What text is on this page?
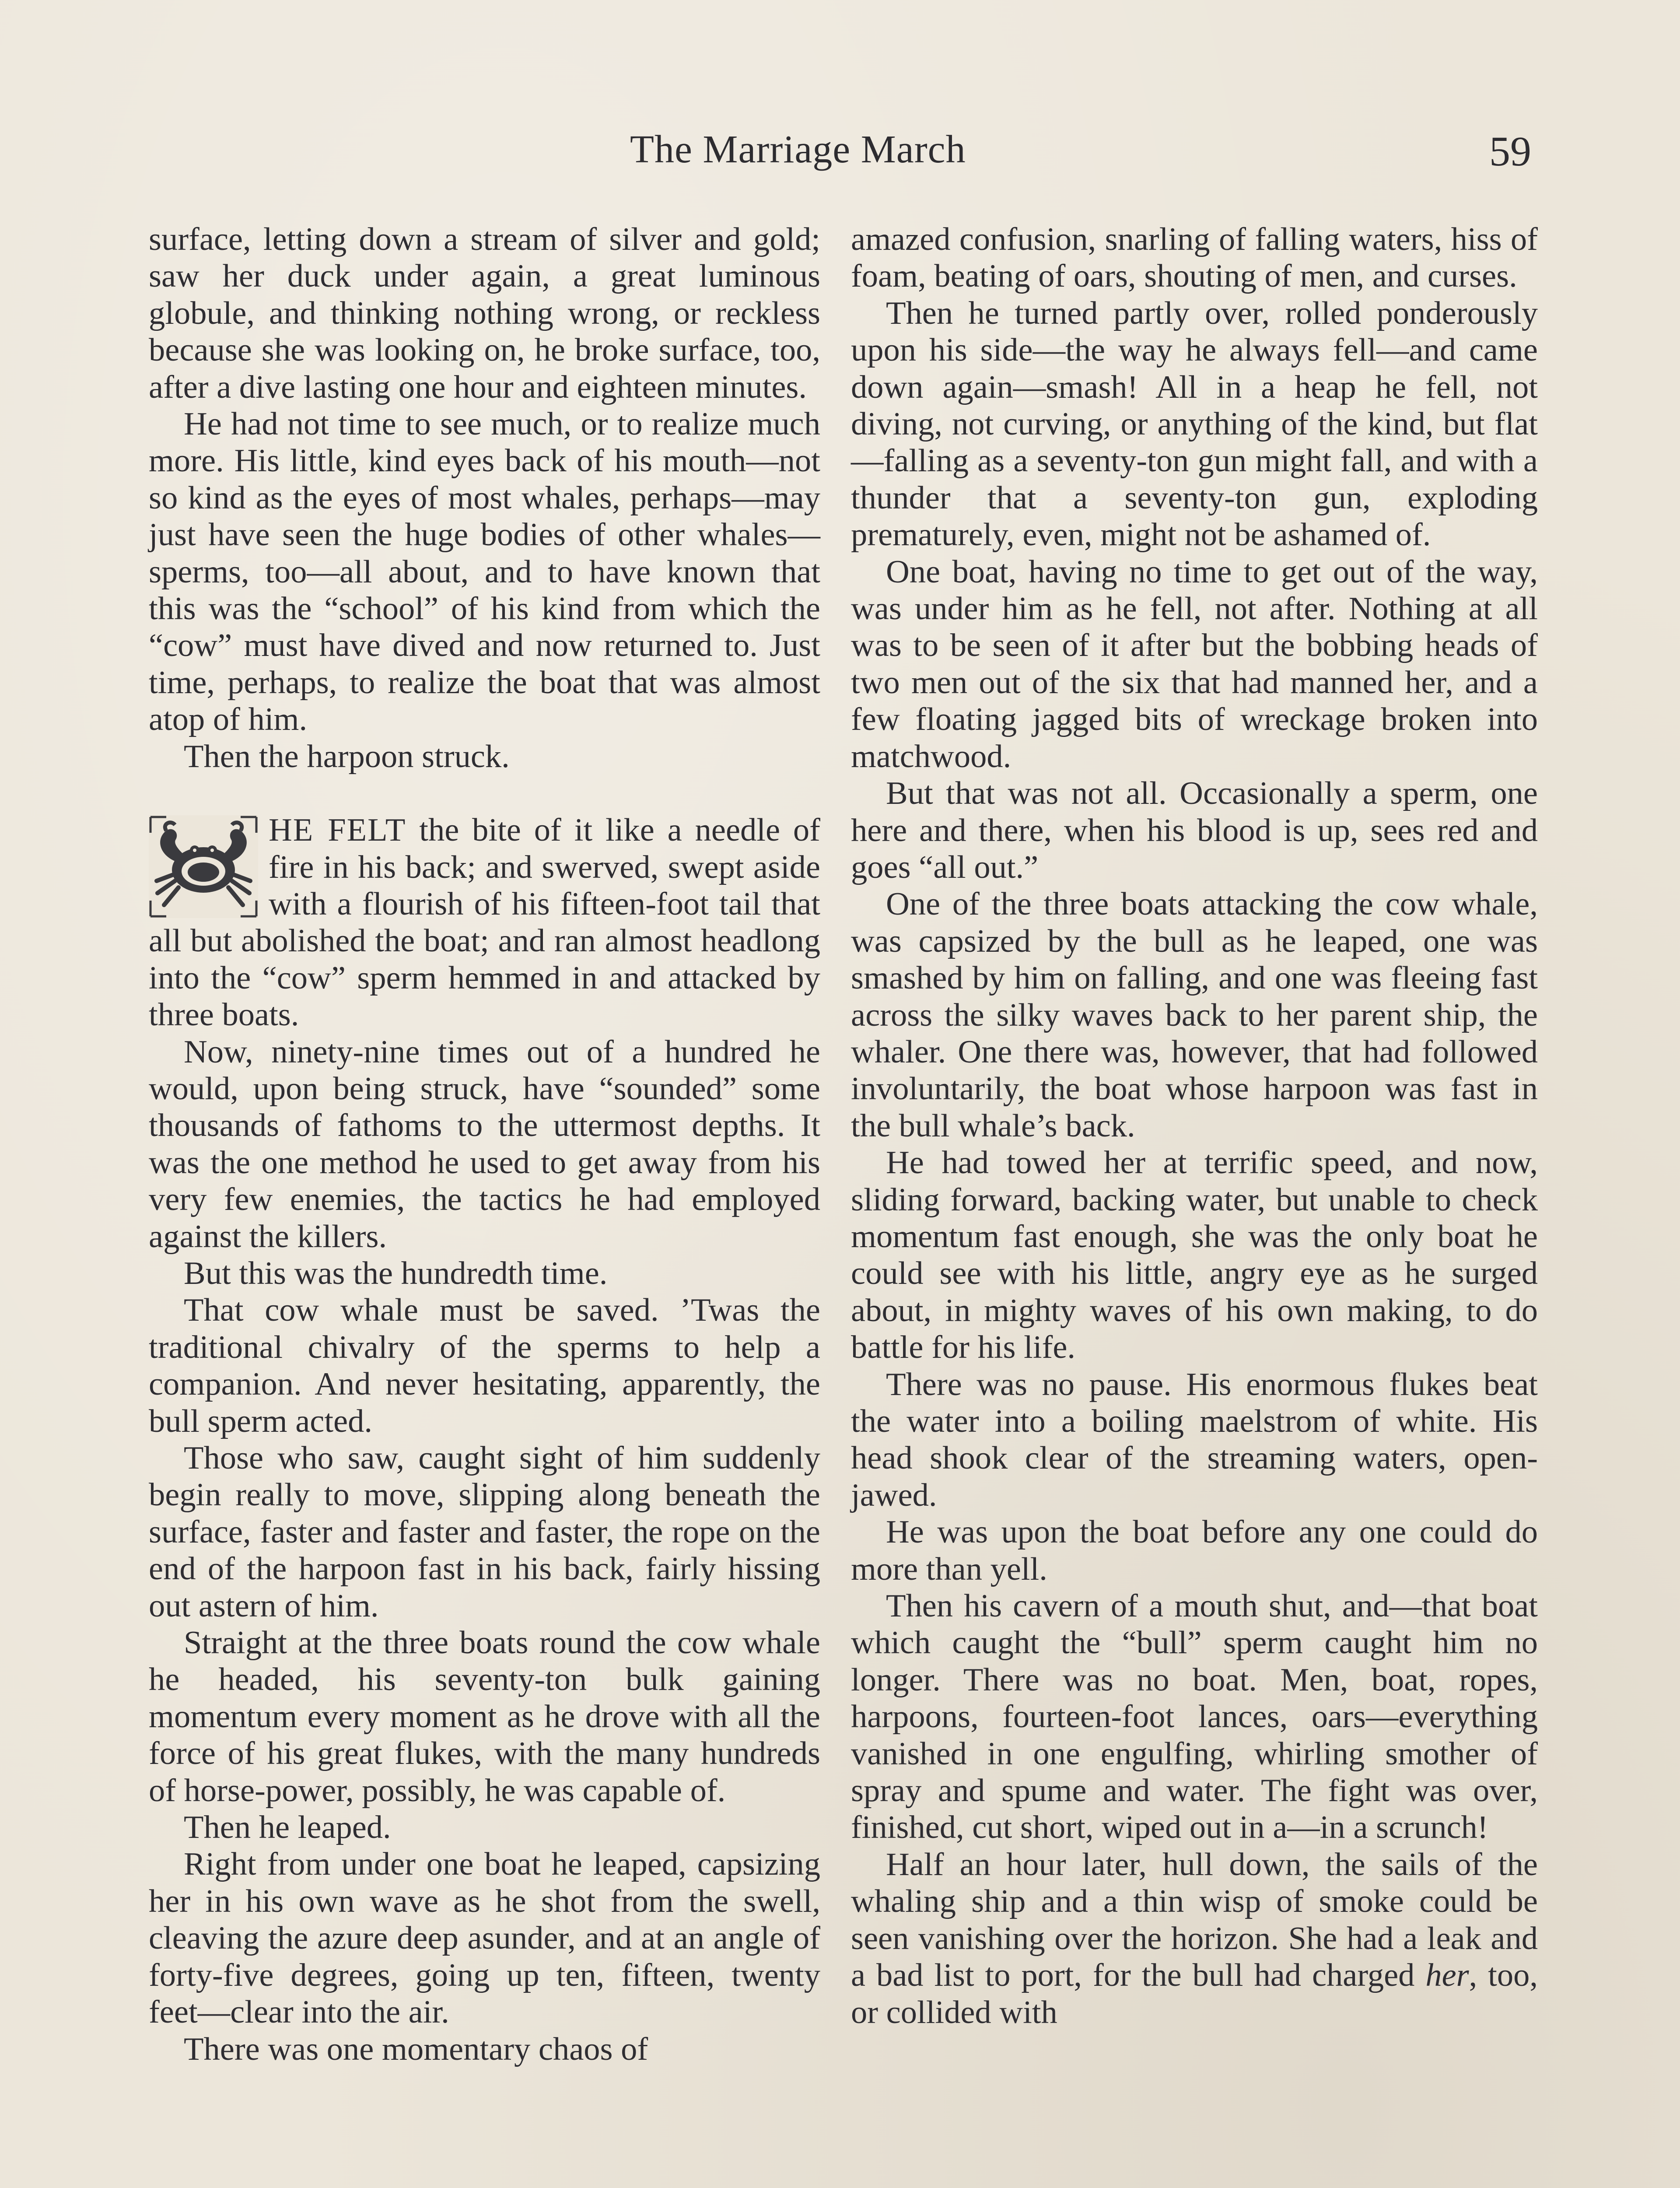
The Marriage March	59

surface, letting down a stream of silver and gold; saw her duck under again, a great luminous globule, and thinking nothing wrong, or reckless because she was looking on, he broke surface, too, after a dive lasting one hour and eighteen minutes.

He had not time to see much, or to realize much more. His little, kind eyes back of his mouth—not so kind as the eyes of most whales, perhaps—may just have seen the huge bodies of other whales—sperms, too—all about, and to have known that this was the “school” of his kind from which the “cow” must have dived and now returned to. Just time, perhaps, to realize the boat that was almost atop of him.

Then the harpoon struck.

HE FELT the bite of it like a needle of fire in his back; and swerved, swept aside with a flourish of his fifteen-foot tail that all but abolished the boat; and ran almost headlong into the “cow” sperm hemmed in and attacked by three boats.

Now, ninety-nine times out of a hundred he would, upon being struck, have “sounded” some thousands of fathoms to the uttermost depths. It was the one method he used to get away from his very few enemies, the tactics he had employed against the killers.

But this was the hundredth time.

That cow whale must be saved. ’Twas the traditional chivalry of the sperms to help a companion. And never hesitating, apparently, the bull sperm acted.

Those who saw, caught sight of him suddenly begin really to move, slipping along beneath the surface, faster and faster and faster, the rope on the end of the harpoon fast in his back, fairly hissing out astern of him.

Straight at the three boats round the cow whale he headed, his seventy-ton bulk gaining momentum every moment as he drove with all the force of his great flukes, with the many hundreds of horse-power, possibly, he was capable of.

Then he leaped.

Right from under one boat he leaped, capsizing her in his own wave as he shot from the swell, cleaving the azure deep asunder, and at an angle of forty-five degrees, going up ten, fifteen, twenty feet—clear into the air.

There was one momentary chaos of

amazed confusion, snarling of falling waters, hiss of foam, beating of oars, shouting of men, and curses.

Then he turned partly over, rolled ponderously upon his side—the way he always fell—and came down again—smash! All in a heap he fell, not diving, not curving, or anything of the kind, but flat—falling as a seventy-ton gun might fall, and with a thunder that a seventy-ton gun, exploding prematurely, even, might not be ashamed of.

One boat, having no time to get out of the way, was under him as he fell, not after. Nothing at all was to be seen of it after but the bobbing heads of two men out of the six that had manned her, and a few floating jagged bits of wreckage broken into matchwood.

But that was not all. Occasionally a sperm, one here and there, when his blood is up, sees red and goes “all out.”

One of the three boats attacking the cow whale, was capsized by the bull as he leaped, one was smashed by him on falling, and one was fleeing fast across the silky waves back to her parent ship, the whaler. One there was, however, that had followed involuntarily, the boat whose harpoon was fast in the bull whale’s back.

He had towed her at terrific speed, and now, sliding forward, backing water, but unable to check momentum fast enough, she was the only boat he could see with his little, angry eye as he surged about, in mighty waves of his own making, to do battle for his life.

There was no pause. His enormous flukes beat the water into a boiling maelstrom of white. His head shook clear of the streaming waters, open-jawed.

He was upon the boat before any one could do more than yell.

Then his cavern of a mouth shut, and—that boat which caught the “bull” sperm caught him no longer. There was no boat. Men, boat, ropes, harpoons, fourteen-foot lances, oars—everything vanished in one engulfing, whirling smother of spray and spume and water. The fight was over, finished, cut short, wiped out in a—in a scrunch!

Half an hour later, hull down, the sails of the whaling ship and a thin wisp of smoke could be seen vanishing over the horizon. She had a leak and a bad list to port, for the bull had charged her, too, or collided with
